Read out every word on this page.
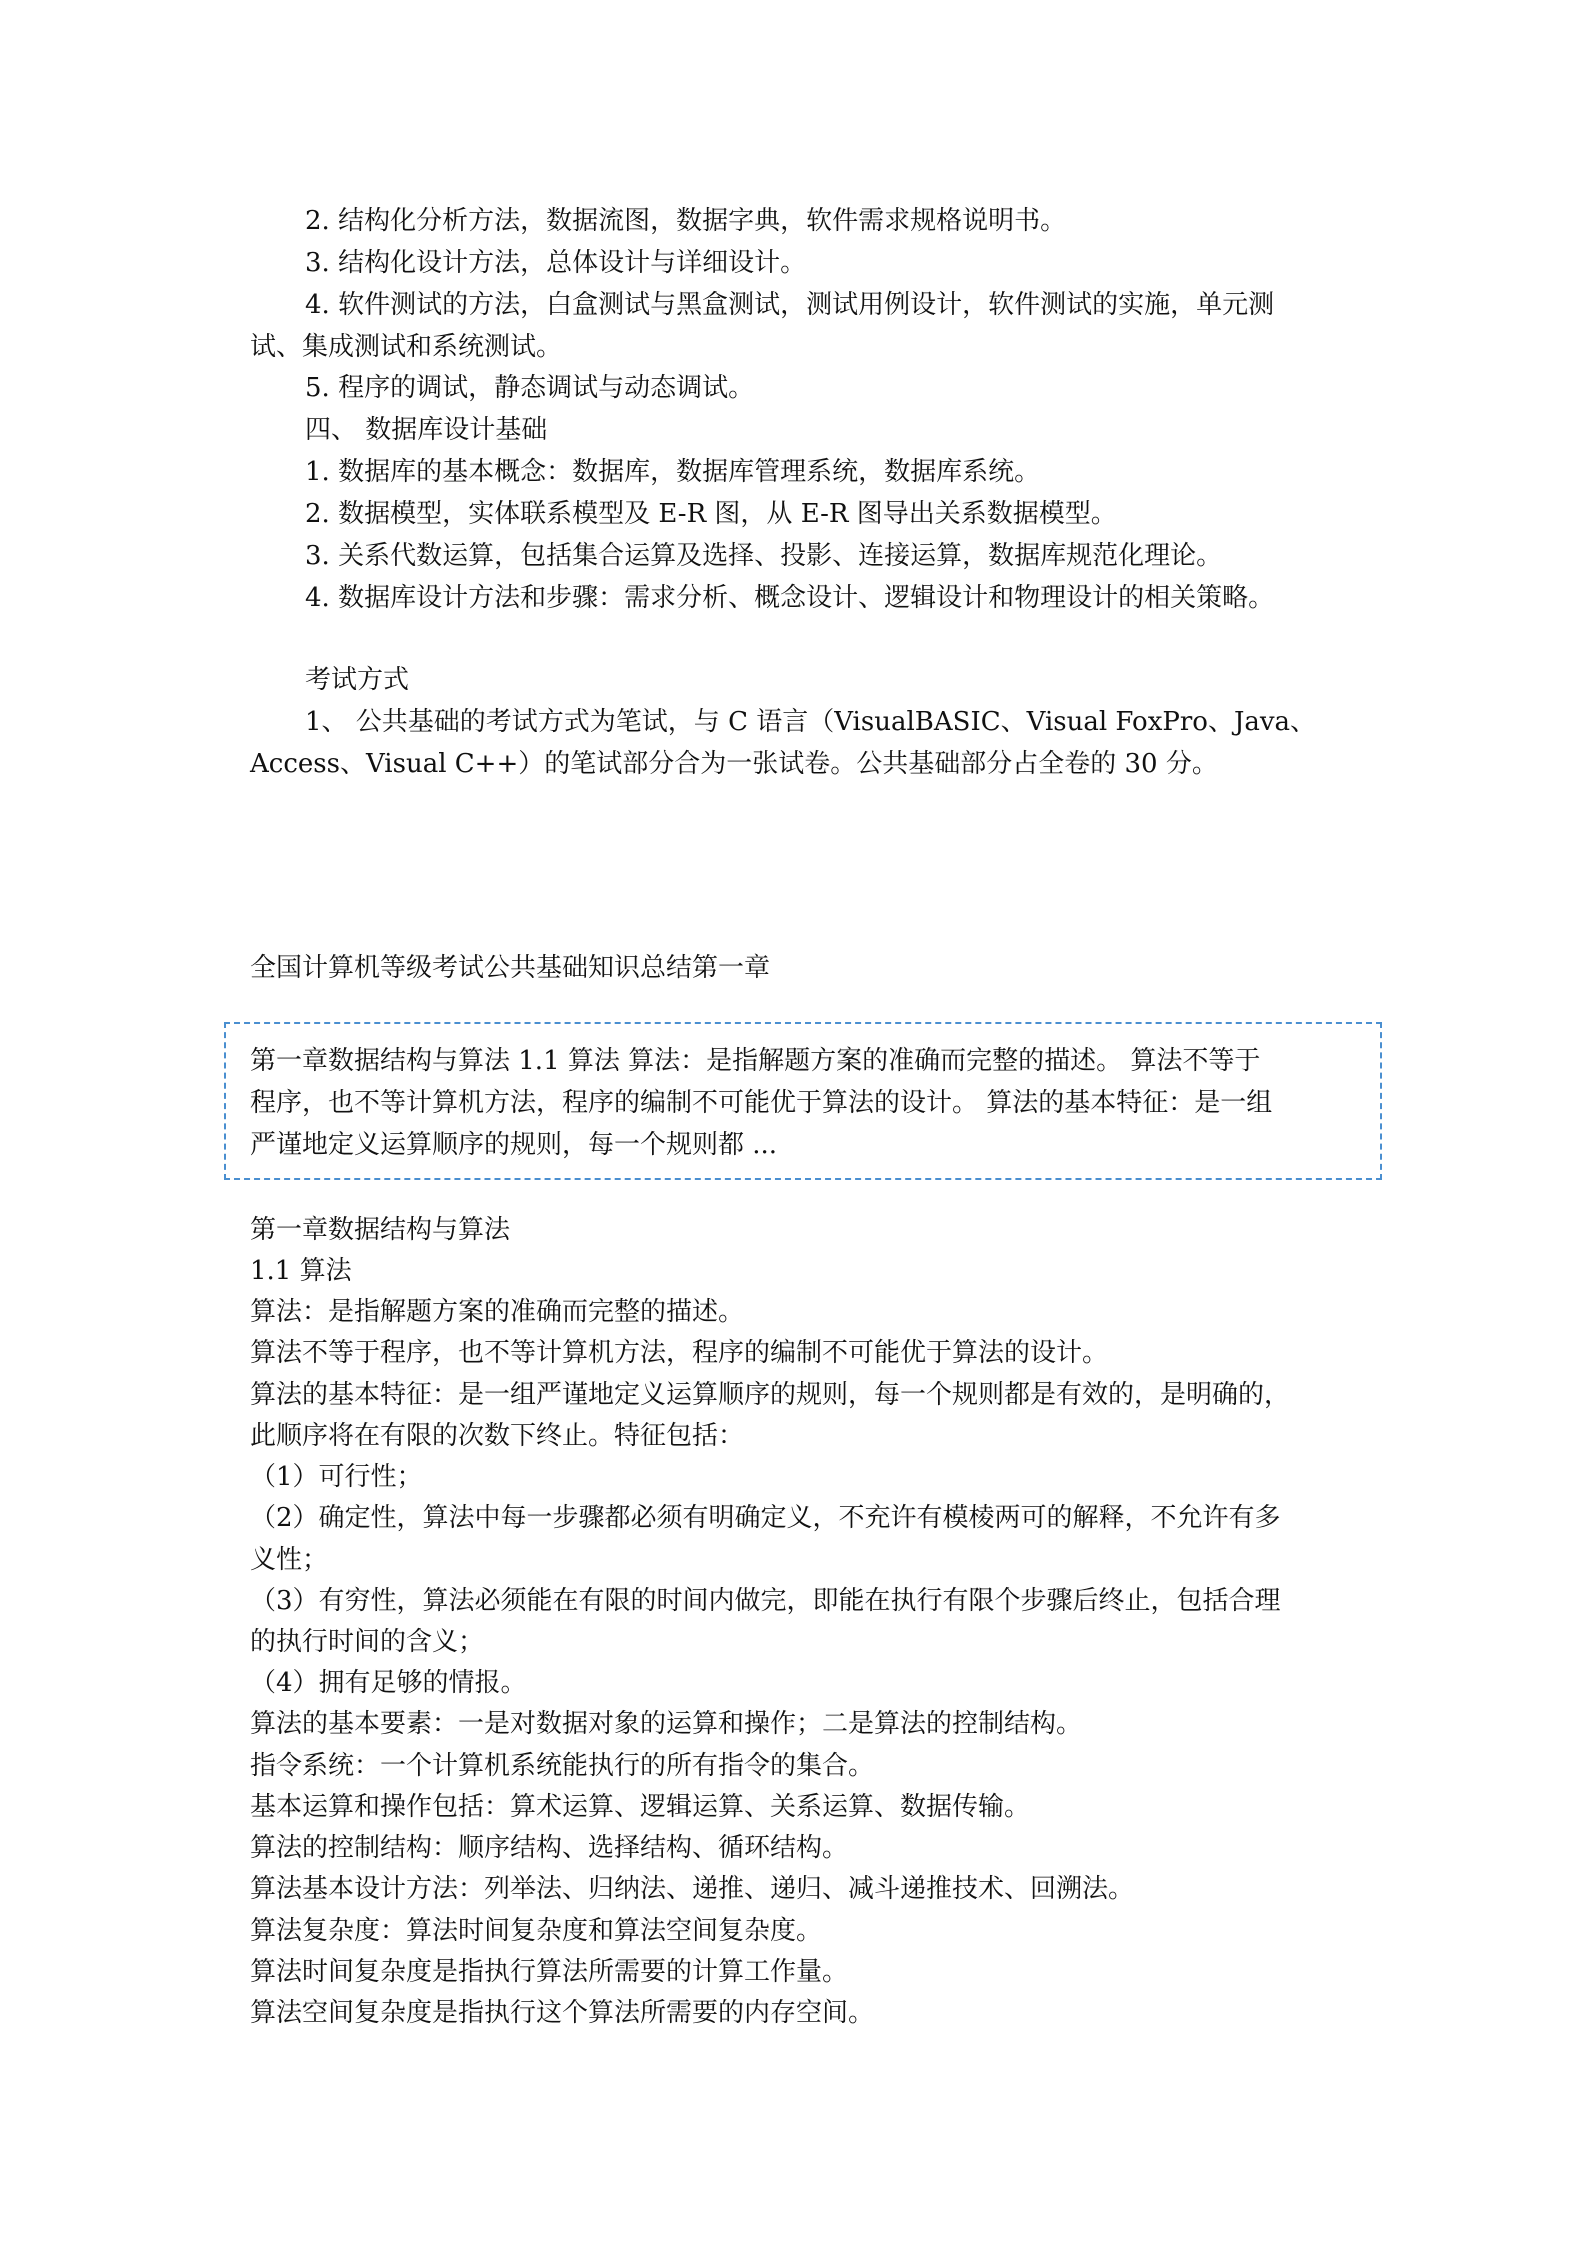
2. 结构化分析方法，数据流图，数据字典，软件需求规格说明书。
3. 结构化设计方法，总体设计与详细设计。
4. 软件测试的方法，白盒测试与黑盒测试，测试用例设计，软件测试的实施，单元测
试、集成测试和系统测试。
5. 程序的调试，静态调试与动态调试。
四、 数据库设计基础
1. 数据库的基本概念：数据库，数据库管理系统，数据库系统。
2. 数据模型，实体联系模型及 E-R 图，从 E-R 图导出关系数据模型。
3. 关系代数运算，包括集合运算及选择、投影、连接运算，数据库规范化理论。
4. 数据库设计方法和步骤：需求分析、概念设计、逻辑设计和物理设计的相关策略。
考试方式
1、 公共基础的考试方式为笔试，与 C 语言（VisualBASIC、Visual FoxPro、Java、
Access、Visual C++）的笔试部分合为一张试卷。公共基础部分占全卷的 30 分。
全国计算机等级考试公共基础知识总结第一章
第一章数据结构与算法 1.1 算法 算法：是指解题方案的准确而完整的描述。 算法不等于
程序，也不等计算机方法，程序的编制不可能优于算法的设计。 算法的基本特征：是一组
严谨地定义运算顺序的规则，每一个规则都 ...
第一章数据结构与算法
1.1 算法
算法：是指解题方案的准确而完整的描述。
算法不等于程序，也不等计算机方法，程序的编制不可能优于算法的设计。
算法的基本特征：是一组严谨地定义运算顺序的规则，每一个规则都是有效的，是明确的，
此顺序将在有限的次数下终止。特征包括：
（1）可行性；
（2）确定性，算法中每一步骤都必须有明确定义，不充许有模棱两可的解释，不允许有多
义性；
（3）有穷性，算法必须能在有限的时间内做完，即能在执行有限个步骤后终止，包括合理
的执行时间的含义；
（4）拥有足够的情报。
算法的基本要素：一是对数据对象的运算和操作；二是算法的控制结构。
指令系统：一个计算机系统能执行的所有指令的集合。
基本运算和操作包括：算术运算、逻辑运算、关系运算、数据传输。
算法的控制结构：顺序结构、选择结构、循环结构。
算法基本设计方法：列举法、归纳法、递推、递归、减斗递推技术、回溯法。
算法复杂度：算法时间复杂度和算法空间复杂度。
算法时间复杂度是指执行算法所需要的计算工作量。
算法空间复杂度是指执行这个算法所需要的内存空间。
